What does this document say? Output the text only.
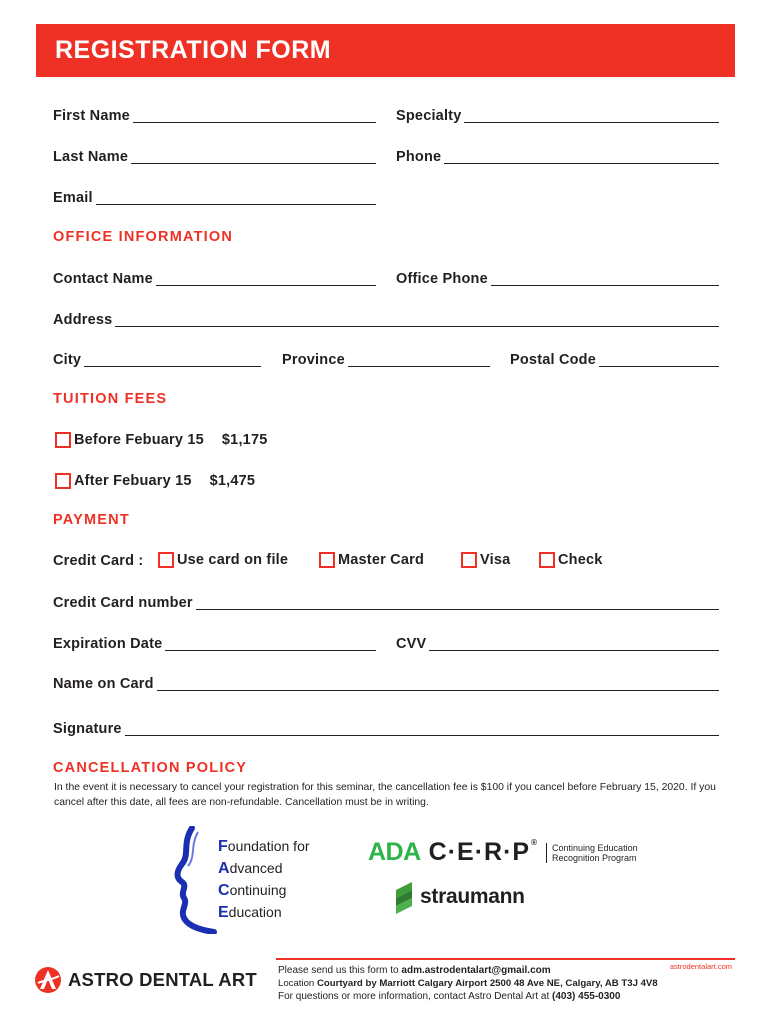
REGISTRATION FORM
First Name	Specialty
Last Name	Phone
Email
OFFICE INFORMATION
Contact Name	Office Phone
Address
City	Province	Postal Code
TUITION FEES
Before Febuary 15 $1,175
After Febuary 15 $1,475
PAYMENT
Credit Card : Use card on file	Master Card	Visa	Check
Credit Card number
Expiration Date	CVV
Name on Card
Signature
CANCELLATION POLICY
In the event it is necessary to cancel your registration for this seminar, the cancellation fee is $100 if you cancel before February 15, 2020. If you cancel after this date, all fees are non-refundable. Cancellation must be in writing.
Foundation for
Advanced
Continuing
Education
ADA C·E·R·P® Continuing Education
Recognition Program
straumann
ASTRO DENTAL ART
astrodentalart.com
Please send us this form to adm.astrodentalart@gmail.com
Location Courtyard by Marriott Calgary Airport 2500 48 Ave NE, Calgary, AB T3J 4V8
For questions or more information, contact Astro Dental Art at (403) 455-0300
